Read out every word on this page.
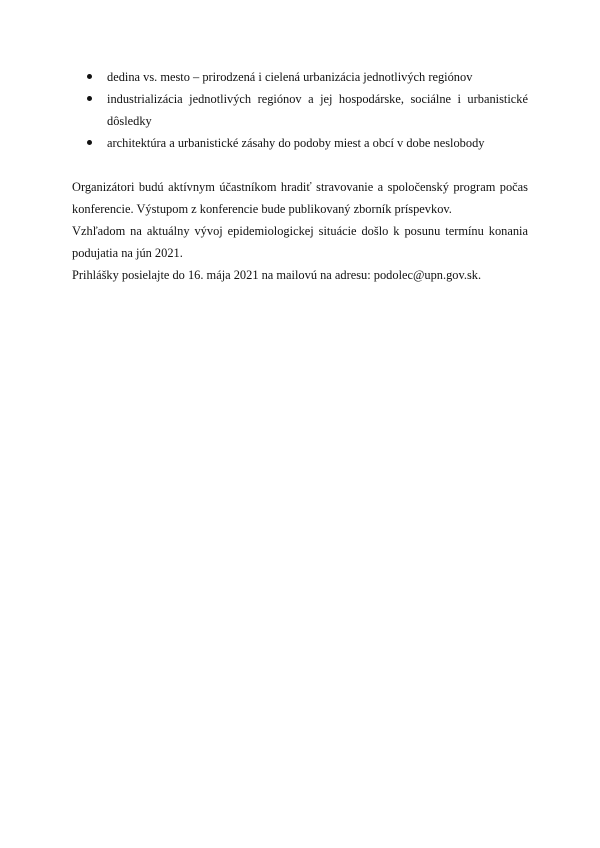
dedina vs. mesto – prirodzená i cielená urbanizácia jednotlivých regiónov
industrializácia jednotlivých regiónov a jej hospodárske, sociálne i urbanistické dôsledky
architektúra a urbanistické zásahy do podoby miest a obcí v dobe neslobody

Organizátori budú aktívnym účastníkom hradiť stravovanie a spoločenský program počas konferencie. Výstupom z konferencie bude publikovaný zborník príspevkov.

Vzhľadom na aktuálny vývoj epidemiologickej situácie došlo k posunu termínu konania podujatia na jún 2021.

Prihlášky posielajte do 16. mája 2021 na mailovú na adresu: podolec@upn.gov.sk.
